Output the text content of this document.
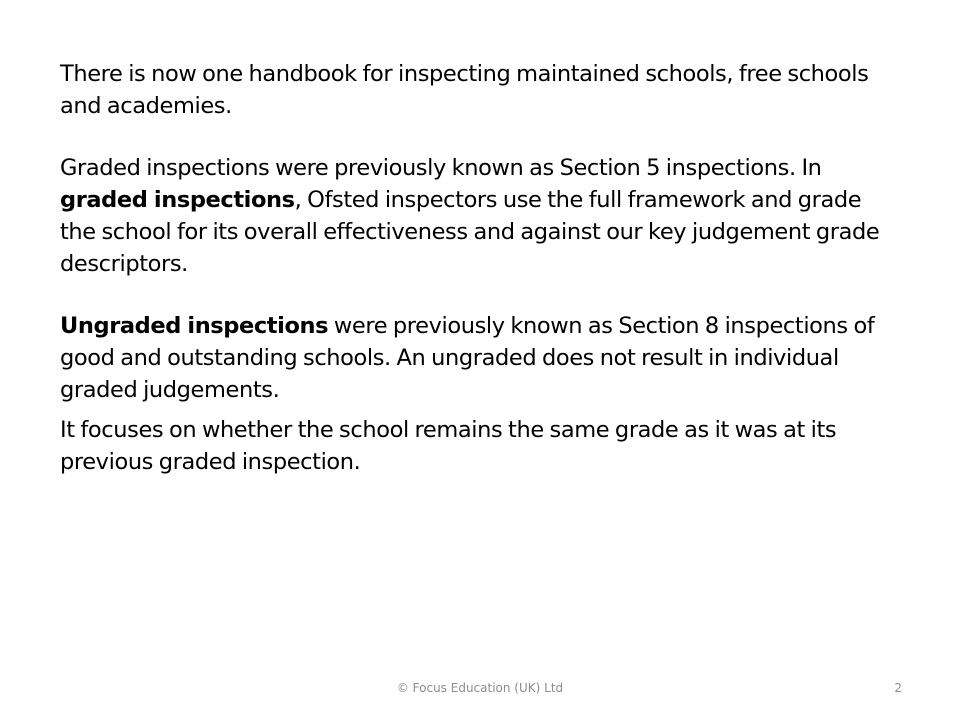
There is now one handbook for inspecting maintained schools, free schools and academies.

Graded inspections were previously known as Section 5 inspections. In graded inspections, Ofsted inspectors use the full framework and grade the school for its overall effectiveness and against our key judgement grade descriptors.

Ungraded inspections were previously known as Section 8 inspections of good and outstanding schools. An ungraded does not result in individual graded judgements.

It focuses on whether the school remains the same grade as it was at its previous graded inspection.

© Focus Education (UK) Ltd	2
